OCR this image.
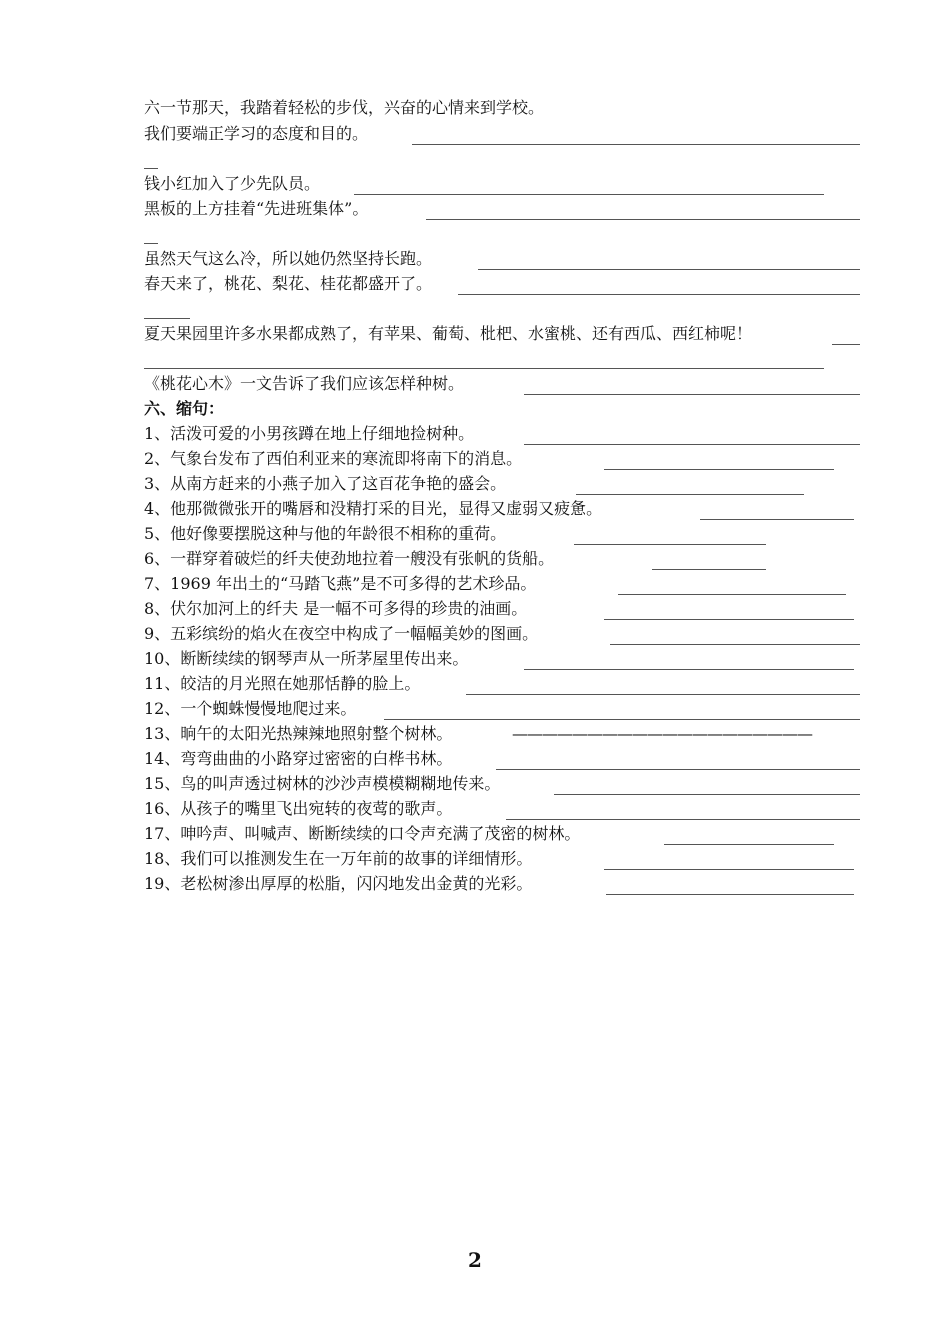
六一节那天，我踏着轻松的步伐，兴奋的心情来到学校。
我们要端正学习的态度和目的。
钱小红加入了少先队员。
黑板的上方挂着“先进班集体”。
虽然天气这么冷，所以她仍然坚持长跑。
春天来了，桃花、梨花、桂花都盛开了。
夏天果园里许多水果都成熟了，有苹果、葡萄、枇杷、水蜜桃、还有西瓜、西红柿呢！
《桃花心木》一文告诉了我们应该怎样种树。
六、缩句：
1、活泼可爱的小男孩蹲在地上仔细地捡树种。
2、气象台发布了西伯利亚来的寒流即将南下的消息。
3、从南方赶来的小燕子加入了这百花争艳的盛会。
4、他那微微张开的嘴唇和没精打采的目光，显得又虚弱又疲惫。
5、他好像要摆脱这种与他的年龄很不相称的重荷。
6、一群穿着破烂的纤夫使劲地拉着一艘没有张帆的货船。
7、1969 年出土的“马踏飞燕”是不可多得的艺术珍品。
8、伏尔加河上的纤夫 是一幅不可多得的珍贵的油画。
9、五彩缤纷的焰火在夜空中构成了一幅幅美妙的图画。
10、断断续续的钢琴声从一所茅屋里传出来。
11、皎洁的月光照在她那恬静的脸上。
12、一个蜘蛛慢慢地爬过来。
13、晌午的太阳光热辣辣地照射整个树林。	————————————————————
14、弯弯曲曲的小路穿过密密的白桦书林。
15、鸟的叫声透过树林的沙沙声模模糊糊地传来。
16、从孩子的嘴里飞出宛转的夜莺的歌声。
17、呻吟声、叫喊声、断断续续的口令声充满了茂密的树林。
18、我们可以推测发生在一万年前的故事的详细情形。
19、老松树渗出厚厚的松脂，闪闪地发出金黄的光彩。
2
